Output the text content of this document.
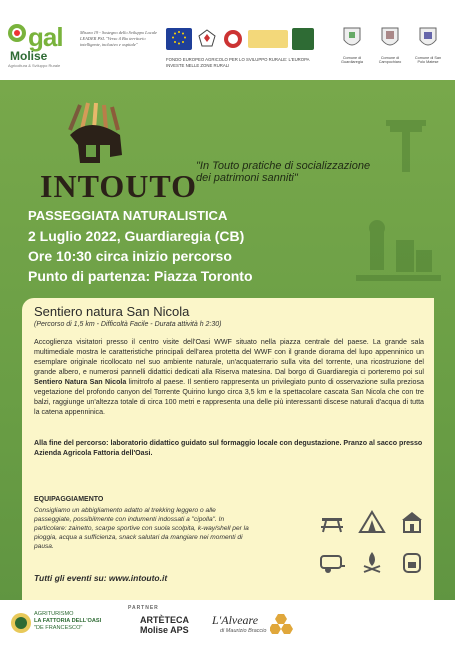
gal
Molise
Agricoltura & Sviluppo Rurale
Misura 19 - Sostegno dello Sviluppo Locale LEADER PSL "Verso il Bio territorio intelligente, inclusivo e ospitale"
FONDO EUROPEO AGRICOLO PER LO SVILUPPO RURALE: L'EUROPA INVESTE NELLE ZONE RURALI
Comune di Guardiaregia
Comune di Campochiaro
Comune di San Polo Matese
INTOUTO
"In Touto pratiche di socializzazione dei patrimoni sanniti"
PASSEGGIATA NATURALISTICA
2 Luglio 2022, Guardiaregia (CB)
Ore 10:30 circa inizio percorso
Punto di partenza: Piazza Toronto
Sentiero natura San Nicola
(Percorso di 1,5 km - Difficoltà Facile - Durata attività h 2:30)
Accoglienza visitatori presso il centro visite dell'Oasi WWF situato nella piazza centrale del paese. La grande sala multimediale mostra le caratteristiche principali dell'area protetta del WWF con il grande diorama del lupo appenninico un esemplare originale ricollocato nel suo ambiente naturale, un'acquaterrario sulla vita del torrente, una ricostruzione del grande albero, e numerosi pannelli didattici dedicati alla Riserva matesina. Dal borgo di Guardiaregia ci porteremo poi sul Sentiero Natura San Nicola limitrofo al paese. Il sentiero rappresenta un privilegiato punto di osservazione sulla preziosa vegetazione del profondo canyon del Torrente Quirino lungo circa 3,5 km e la spettacolare cascata San Nicola che con tre balzi, raggiunge un'altezza totale di circa 100 metri e rappresenta una delle più interessanti discese naturali d'acqua di tutta la catena appenninica.
Alla fine del percorso: laboratorio didattico guidato sul formaggio locale con degustazione. Pranzo al sacco presso Azienda Agricola Fattoria dell'Oasi.
EQUIPAGGIAMENTO
Consigliamo un abbigliamento adatto al trekking leggero o alle passeggiate, possibilmente con indumenti indossati a "cipolla". In particolare: zainetto, scarpe sportive con suola scolpita, k-way/shell per la pioggia, acqua a sufficienza, snack salutari da mangiare nei momenti di pausa.
Tutti gli eventi su: www.intouto.it
PARTNER
AGRITURISMO
LA FATTORIA DELL'OASI
"DE FRANCESCO"
ARTÈTECA
Molise APS
L'Alveare
di Maurizio Braccio
